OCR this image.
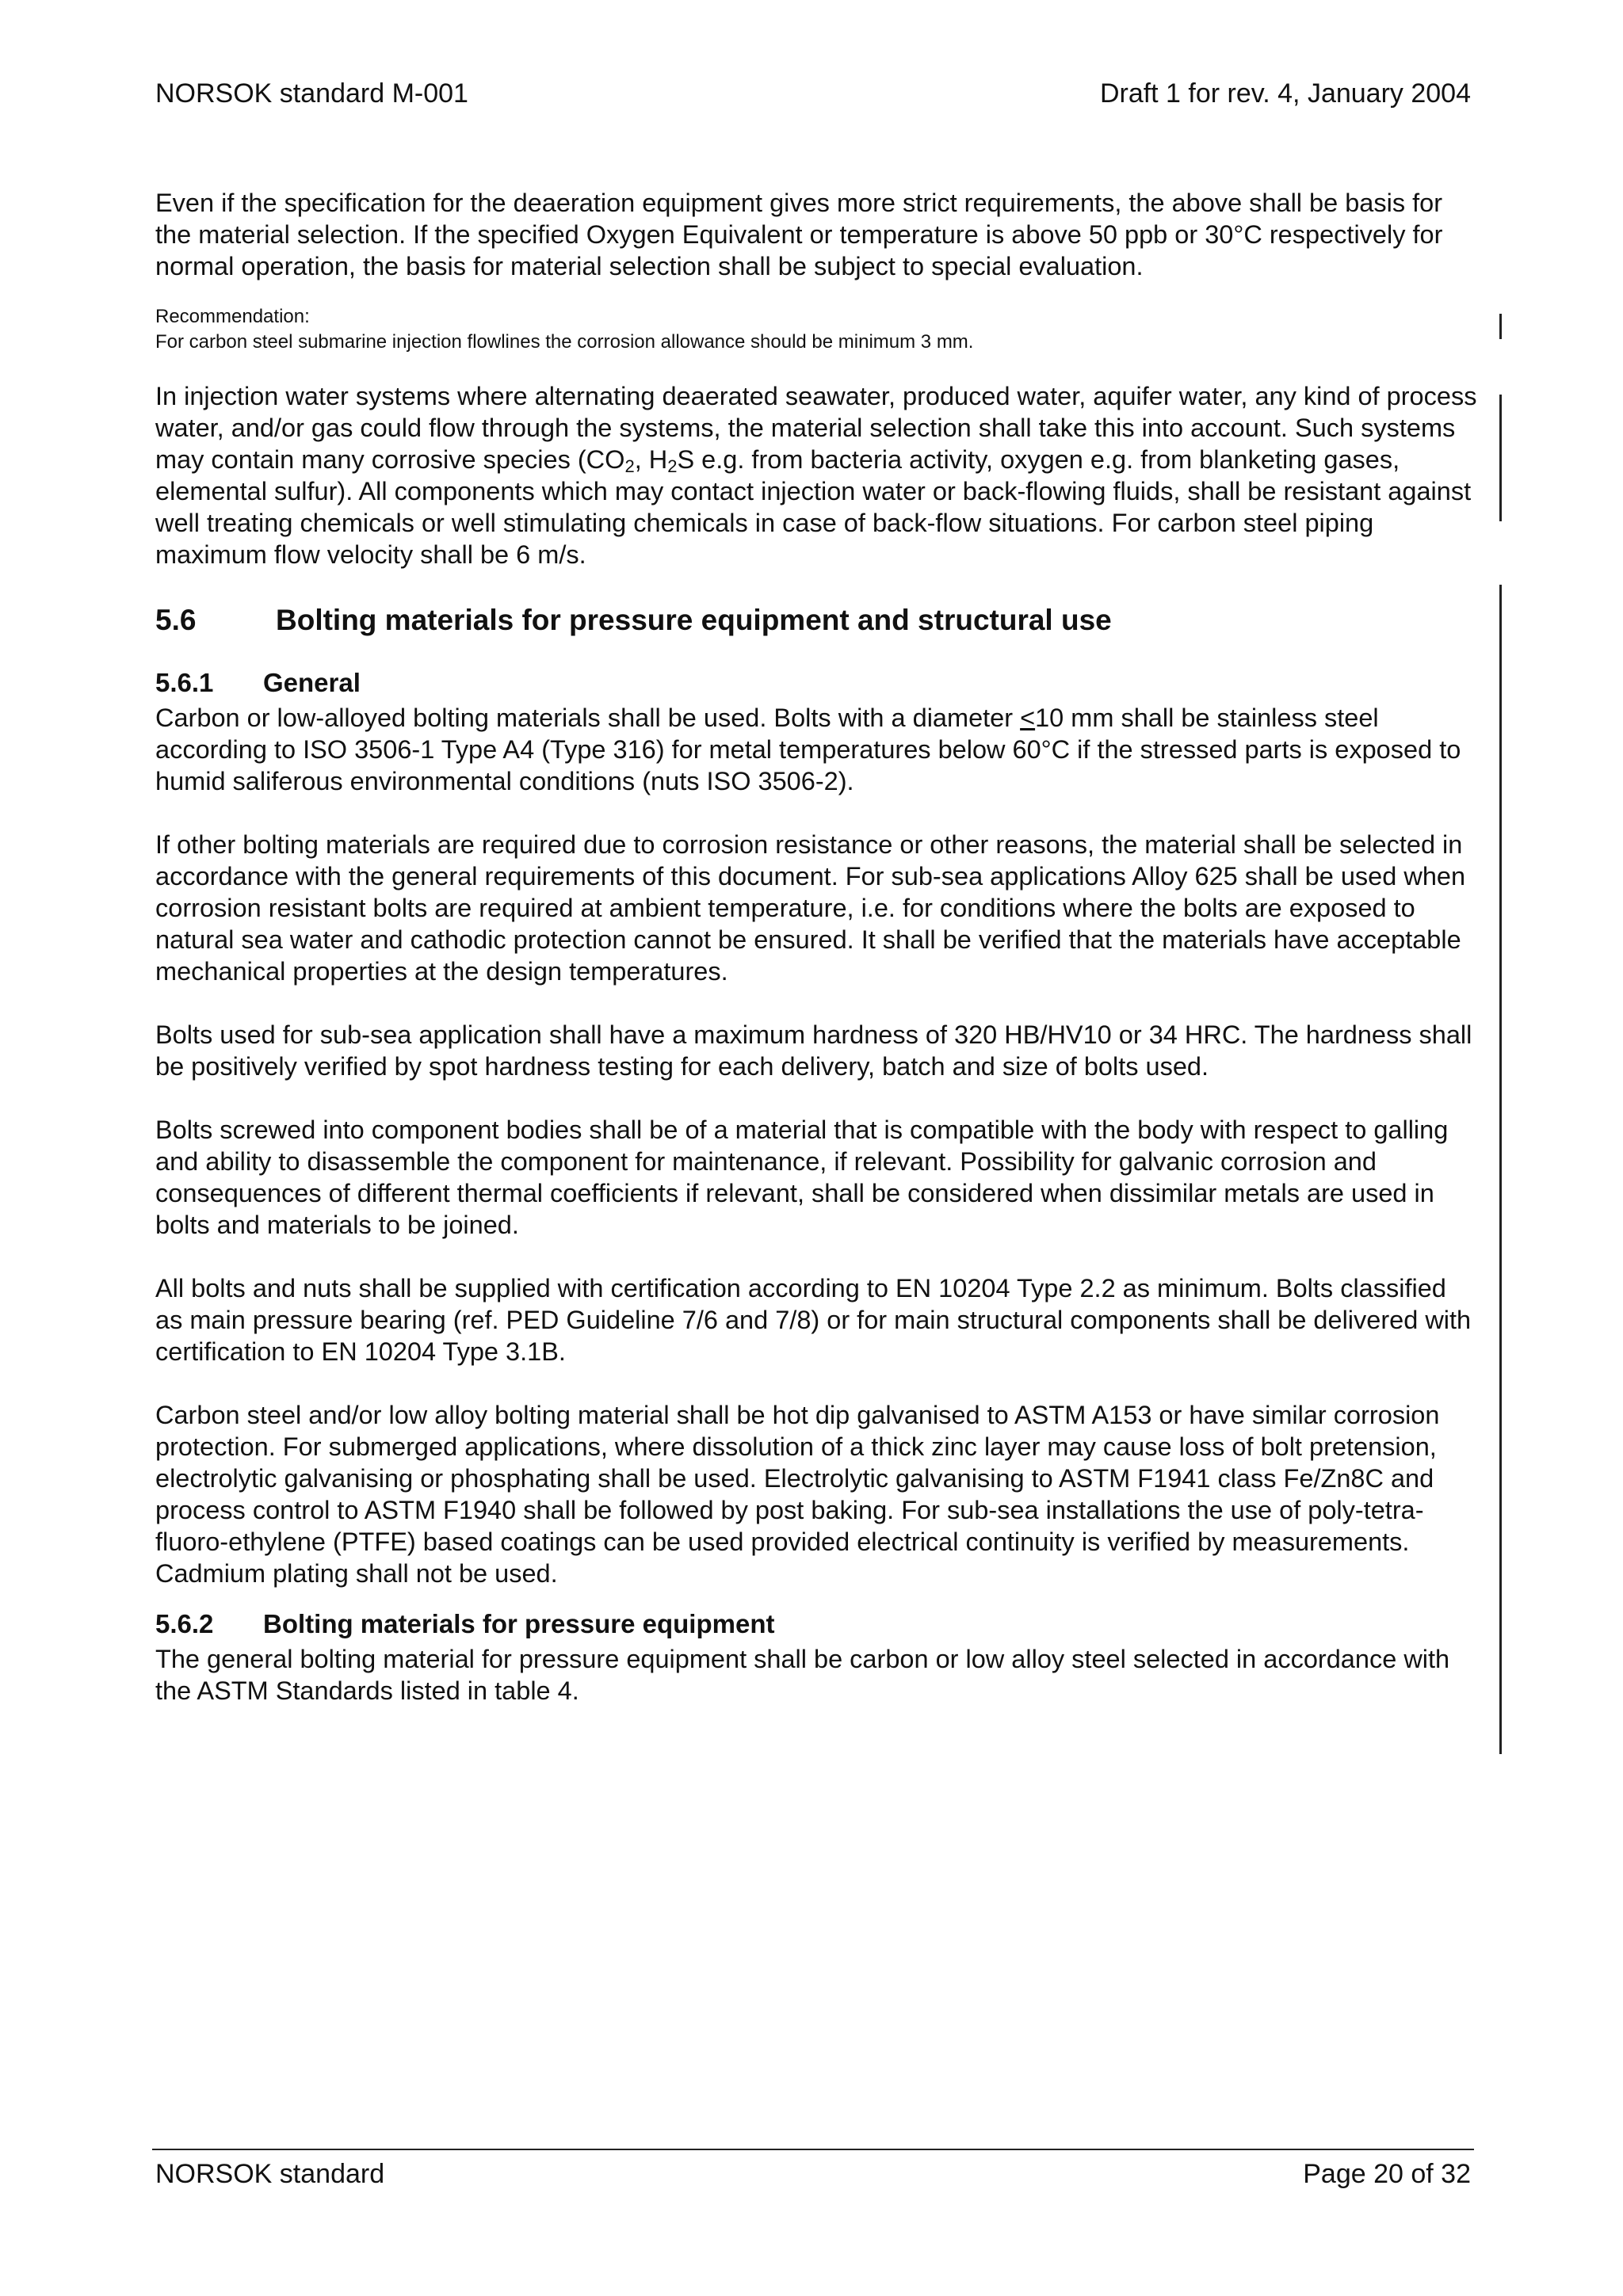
NORSOK standard M-001	Draft 1 for rev. 4, January 2004

Even if the specification for the deaeration equipment gives more strict requirements, the above shall be basis for the material selection. If the specified Oxygen Equivalent or temperature is above 50 ppb or 30°C respectively for normal operation, the basis for material selection shall be subject to special evaluation.

Recommendation:

For carbon steel submarine injection flowlines the corrosion allowance should be minimum 3 mm.

In injection water systems where alternating deaerated seawater, produced water, aquifer water, any kind of process water, and/or gas could flow through the systems, the material selection shall take this into account. Such systems may contain many corrosive species ($CO_2$, $H_2S$ e.g. from bacteria activity, oxygen e.g. from blanketing gases, elemental sulfur). All components which may contact injection water or back-flowing fluids, shall be resistant against well treating chemicals or well stimulating chemicals in case of back-flow situations. For carbon steel piping maximum flow velocity shall be 6 m/s.

5.6	Bolting materials for pressure equipment and structural use
5.6.1	General

Carbon or low-alloyed bolting materials shall be used. Bolts with a diameter <10 mm shall be stainless steel according to ISO 3506-1 Type A4 (Type 316) for metal temperatures below 60°C if the stressed parts is exposed to humid saliferous environmental conditions (nuts ISO 3506-2).

If other bolting materials are required due to corrosion resistance or other reasons, the material shall be selected in accordance with the general requirements of this document. For sub-sea applications Alloy 625 shall be used when corrosion resistant bolts are required at ambient temperature, i.e. for conditions where the bolts are exposed to natural sea water and cathodic protection cannot be ensured. It shall be verified that the materials have acceptable mechanical properties at the design temperatures.

Bolts used for sub-sea application shall have a maximum hardness of 320 HB/HV10 or 34 HRC. The hardness shall be positively verified by spot hardness testing for each delivery, batch and size of bolts used.

Bolts screwed into component bodies shall be of a material that is compatible with the body with respect to galling and ability to disassemble the component for maintenance, if relevant. Possibility for galvanic corrosion and consequences of different thermal coefficients if relevant, shall be considered when dissimilar metals are used in bolts and materials to be joined.

All bolts and nuts shall be supplied with certification according to EN 10204 Type 2.2 as minimum. Bolts classified as main pressure bearing (ref. PED Guideline 7/6 and 7/8) or for main structural components shall be delivered with certification to EN 10204 Type 3.1B.

Carbon steel and/or low alloy bolting material shall be hot dip galvanised to ASTM A153 or have similar corrosion protection. For submerged applications, where dissolution of a thick zinc layer may cause loss of bolt pretension, electrolytic galvanising or phosphating shall be used. Electrolytic galvanising to ASTM F1941 class Fe/Zn8C and process control to ASTM F1940 shall be followed by post baking. For sub-sea installations the use of poly-tetra-fluoro-ethylene (PTFE) based coatings can be used provided electrical continuity is verified by measurements. Cadmium plating shall not be used.

5.6.2	Bolting materials for pressure equipment

The general bolting material for pressure equipment shall be carbon or low alloy steel selected in accordance with the ASTM Standards listed in table 4.

NORSOK standard	Page 20 of 32
